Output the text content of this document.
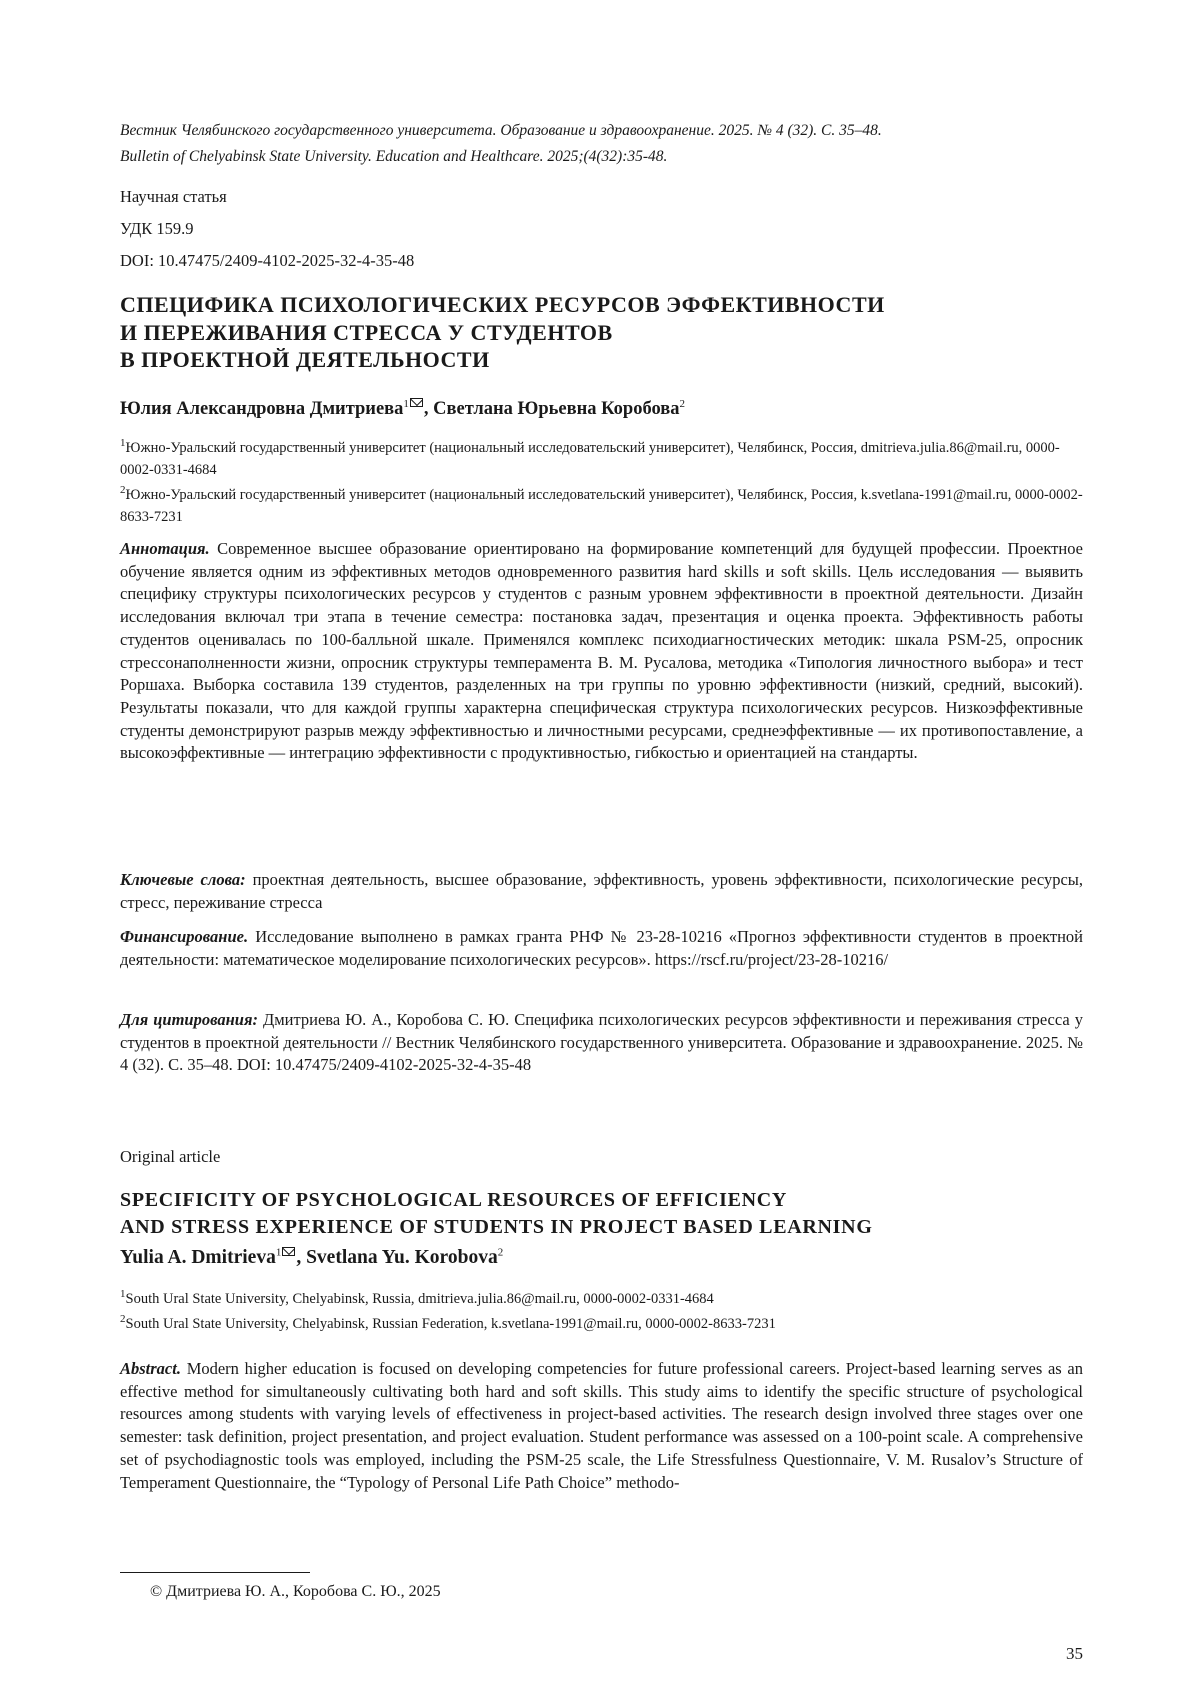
Вестник Челябинского государственного университета. Образование и здравоохранение. 2025. № 4 (32). С. 35–48.
Bulletin of Chelyabinsk State University. Education and Healthcare. 2025;(4(32):35-48.
Научная статья
УДК 159.9
DOI: 10.47475/2409-4102-2025-32-4-35-48
СПЕЦИФИКА ПСИХОЛОГИЧЕСКИХ РЕСУРСОВ ЭФФЕКТИВНОСТИ
И ПЕРЕЖИВАНИЯ СТРЕССА У СТУДЕНТОВ
В ПРОЕКТНОЙ ДЕЯТЕЛЬНОСТИ
Юлия Александровна Дмитриева$^1$ , Светлана Юрьевна Коробова$^2$
$^1$Южно-Уральский государственный университет (национальный исследовательский университет), Челябинск, Россия, dmitrieva.julia.86@mail.ru, 0000-0002-0331-4684
$^2$Южно-Уральский государственный университет (национальный исследовательский университет), Челябинск, Россия, k.svetlana-1991@mail.ru, 0000-0002-8633-7231
Аннотация. Современное высшее образование ориентировано на формирование компетенций для будущей профессии. Проектное обучение является одним из эффективных методов одновременного развития hard skills и soft skills. Цель исследования — выявить специфику структуры психологических ресурсов у студентов с разным уровнем эффективности в проектной деятельности. Дизайн исследования включал три этапа в течение семестра: постановка задач, презентация и оценка проекта. Эффективность работы студентов оценивалась по 100-балльной шкале. Применялся комплекс психодиагностических методик: шкала PSM-25, опросник стрессонаполненности жизни, опросник структуры темперамента В. М. Русалова, методика «Типология личностного выбора» и тест Роршаха. Выборка составила 139 студентов, разделенных на три группы по уровню эффективности (низкий, средний, высокий). Результаты показали, что для каждой группы характерна специфическая структура психологических ресурсов. Низкоэффективные студенты демонстрируют разрыв между эффективностью и личностными ресурсами, среднеэффективные — их противопоставление, а высокоэффективные — интеграцию эффективности с продуктивностью, гибкостью и ориентацией на стандарты.
Ключевые слова: проектная деятельность, высшее образование, эффективность, уровень эффективности, психологические ресурсы, стресс, переживание стресса
Финансирование. Исследование выполнено в рамках гранта РНФ № 23-28-10216 «Прогноз эффективности студентов в проектной деятельности: математическое моделирование психологических ресурсов». https://rscf.ru/project/23-28-10216/
Для цитирования: Дмитриева Ю. А., Коробова С. Ю. Специфика психологических ресурсов эффективности и переживания стресса у студентов в проектной деятельности // Вестник Челябинского государственного университета. Образование и здравоохранение. 2025. № 4 (32). С. 35–48. DOI: 10.47475/2409-4102-2025-32-4-35-48
Original article
SPECIFICITY OF PSYCHOLOGICAL RESOURCES OF EFFICIENCY
AND STRESS EXPERIENCE OF STUDENTS IN PROJECT BASED LEARNING
Yulia A. Dmitrieva$^1$ , Svetlana Yu. Korobova$^2$
$^1$South Ural State University, Chelyabinsk, Russia, dmitrieva.julia.86@mail.ru, 0000-0002-0331-4684
$^2$South Ural State University, Chelyabinsk, Russian Federation, k.svetlana-1991@mail.ru, 0000-0002-8633-7231
Abstract. Modern higher education is focused on developing competencies for future professional careers. Project-based learning serves as an effective method for simultaneously cultivating both hard and soft skills. This study aims to identify the specific structure of psychological resources among students with varying levels of effectiveness in project-based activities. The research design involved three stages over one semester: task definition, project presentation, and project evaluation. Student performance was assessed on a 100-point scale. A comprehensive set of psychodiagnostic tools was employed, including the PSM-25 scale, the Life Stressfulness Questionnaire, V. M. Rusalov’s Structure of Temperament Questionnaire, the “Typology of Personal Life Path Choice” methodo-
© Дмитриева Ю. А., Коробова С. Ю., 2025
35
